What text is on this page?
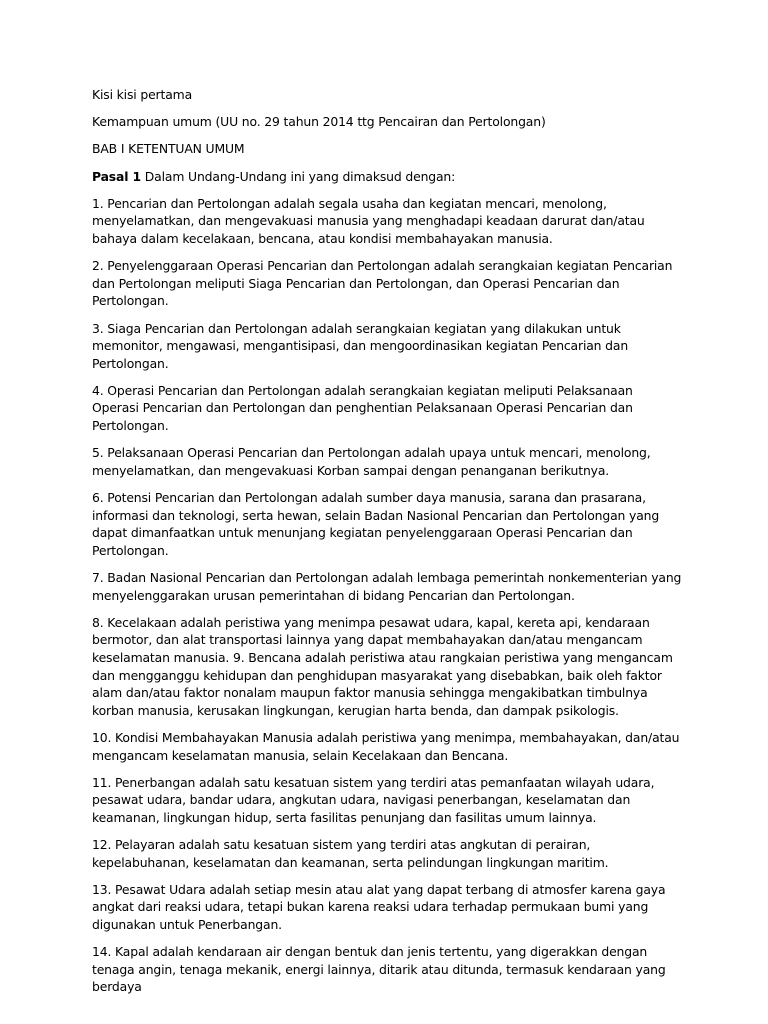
Kisi kisi pertama

Kemampuan umum (UU no. 29 tahun 2014 ttg Pencairan dan Pertolongan)

BAB I KETENTUAN UMUM

Pasal 1 Dalam Undang-Undang ini yang dimaksud dengan:

1. Pencarian dan Pertolongan adalah segala usaha dan kegiatan mencari, menolong, menyelamatkan, dan mengevakuasi manusia yang menghadapi keadaan darurat dan/atau bahaya dalam kecelakaan, bencana, atau kondisi membahayakan manusia.

2. Penyelenggaraan Operasi Pencarian dan Pertolongan adalah serangkaian kegiatan Pencarian dan Pertolongan meliputi Siaga Pencarian dan Pertolongan, dan Operasi Pencarian dan Pertolongan.

3. Siaga Pencarian dan Pertolongan adalah serangkaian kegiatan yang dilakukan untuk memonitor, mengawasi, mengantisipasi, dan mengoordinasikan kegiatan Pencarian dan Pertolongan.

4. Operasi Pencarian dan Pertolongan adalah serangkaian kegiatan meliputi Pelaksanaan Operasi Pencarian dan Pertolongan dan penghentian Pelaksanaan Operasi Pencarian dan Pertolongan.

5. Pelaksanaan Operasi Pencarian dan Pertolongan adalah upaya untuk mencari, menolong, menyelamatkan, dan mengevakuasi Korban sampai dengan penanganan berikutnya.

6. Potensi Pencarian dan Pertolongan adalah sumber daya manusia, sarana dan prasarana, informasi dan teknologi, serta hewan, selain Badan Nasional Pencarian dan Pertolongan yang dapat dimanfaatkan untuk menunjang kegiatan penyelenggaraan Operasi Pencarian dan Pertolongan.

7. Badan Nasional Pencarian dan Pertolongan adalah lembaga pemerintah nonkementerian yang menyelenggarakan urusan pemerintahan di bidang Pencarian dan Pertolongan.

8. Kecelakaan adalah peristiwa yang menimpa pesawat udara, kapal, kereta api, kendaraan bermotor, dan alat transportasi lainnya yang dapat membahayakan dan/atau mengancam keselamatan manusia. 9. Bencana adalah peristiwa atau rangkaian peristiwa yang mengancam dan mengganggu kehidupan dan penghidupan masyarakat yang disebabkan, baik oleh faktor alam dan/atau faktor nonalam maupun faktor manusia sehingga mengakibatkan timbulnya korban manusia, kerusakan lingkungan, kerugian harta benda, dan dampak psikologis.

10. Kondisi Membahayakan Manusia adalah peristiwa yang menimpa, membahayakan, dan/atau mengancam keselamatan manusia, selain Kecelakaan dan Bencana.

11. Penerbangan adalah satu kesatuan sistem yang terdiri atas pemanfaatan wilayah udara, pesawat udara, bandar udara, angkutan udara, navigasi penerbangan, keselamatan dan keamanan, lingkungan hidup, serta fasilitas penunjang dan fasilitas umum lainnya.

12. Pelayaran adalah satu kesatuan sistem yang terdiri atas angkutan di perairan, kepelabuhanan, keselamatan dan keamanan, serta pelindungan lingkungan maritim.

13. Pesawat Udara adalah setiap mesin atau alat yang dapat terbang di atmosfer karena gaya angkat dari reaksi udara, tetapi bukan karena reaksi udara terhadap permukaan bumi yang digunakan untuk Penerbangan.

14. Kapal adalah kendaraan air dengan bentuk dan jenis tertentu, yang digerakkan dengan tenaga angin, tenaga mekanik, energi lainnya, ditarik atau ditunda, termasuk kendaraan yang berdaya
